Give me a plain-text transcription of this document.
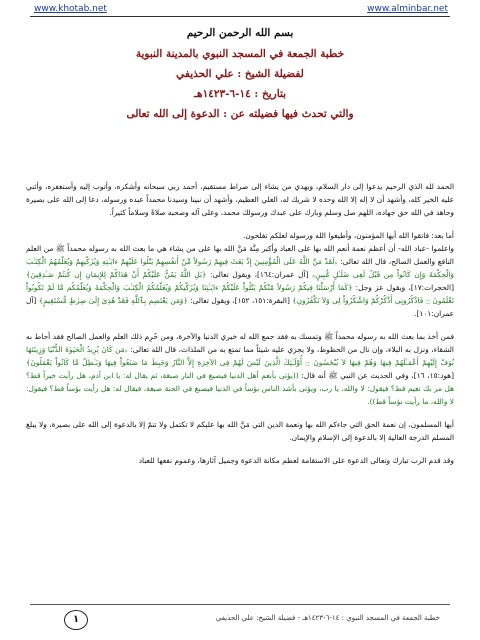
www.khotab.net	www.alminbar.net
بسم الله الرحمن الرحيم
خطبة الجمعة في المسجد النبوي بالمدينة النبوية
لفضيلة الشيخ : علي الحذيفي
بتاريخ : ١٤-٦-١٤٢٣هـ
والتي تحدث فيها فضيلته عن : الدعوة إلى الله تعالى

الحمد لله الذي الرحيم يدعوا إلى دار السلام، ويهدي من يشاء إلى صراط مستقيم، أحمد ربي سبحانه وأشكره، وأتوب إليه وأستغفره، وأثني عليه الخير كله، وأشهد أن لا إله إلا الله وحده لا شريك له، العلي العظيم، وأشهد أن نبينا وسيدنا محمداً عبده ورسوله، دعا إلى الله على بصيرة وجاهد في الله حق جهاده، اللهم صل وسلم وبارك على عبدك ورسولك محمد، وعلى آله وصحبه صلاةً وسلاماً كثيراً.

أما بعد: فاتقوا الله أيها المؤمنون، وأطيعوا الله ورسوله لعلكم تفلحون.
واعلموا -عباد الله- أن أعظم نعمة أنعم الله بها على العباد وأكبر مِنَّة مَنَّ الله بها على من يشاء هي ما بعث الله به رسوله محمداً ﷺ من العلم النافع والعمل الصالح، قال الله تعالى: ﴿لَقَدْ مَنَّ اللَّهُ عَلَى الْمُؤْمِنِينَ إِذْ بَعَثَ فِيهِمْ رَسُولاً مِّنْ أَنفُسِهِمْ يَتْلُوا عَلَيْهِمْ ءايَـٰتِهِ وَيُزَكّيهِمْ وَيُعَلّمُهُمُ الْكِتَـٰبَ وَالْحِكْمَةَ وَإِن كَانُواْ مِن قَبْلُ لَفِى ضَلَـٰلٍ مُّبِينٍ﴾ [آل عمران:١٦٤]، ويقول تعالى: ﴿بَلِ اللَّهُ يَمُنُّ عَلَيْكُمْ أَنْ هَدَاكُمْ لِلإِيمَانِ إِن كُنتُمْ صَـٰدِقِينَ﴾ [الحجرات:١٧]، ويقول عز وجل: ﴿كَمَا أَرْسَلْنَا فِيكُمْ رَسُولاً مّنْكُمْ يَتْلُواْ عَلَيْكُمْ ءايَـٰتِنَا وَيُزَكّيكُمْ وَيُعَلّمُكُمُ الْكِتَـٰبَ وَالْحِكْمَةَ وَيُعَلّمُكُم مَّا لَمْ تَكُونُواْ تَعْلَمُونَ ۝ فَاذْكُرُونِى أَذْكُرْكُمْ وَاشْكُرُواْ لِى وَلاَ تَكْفُرُونِ﴾ [البقرة:١٥١، ١٥٢]، ويقول تعالى: ﴿وَمَن يَعْتَصِم بِٱللَّهِ فَقَدْ هُدِىَ إِلَىٰ صِرٰطٍ مُّسْتَقِيمٍ﴾ [آل عمران:١٠١].

فمن أخذ بما بعث الله به رسوله محمداً ﷺ وتمسك به فقد جمع الله له خيري الدنيا والآخرة، ومن حُرِم ذلك العلم والعمل الصالح فقد أحاط به الشقاء، ونزل به البلاء، وإن نال من الحظوظ، ولا يجزي عليه شيئاً مما تمتع به من الملذات، قال الله تعالى: ﴿مَن كَانَ يُرِيدُ الْحَيَوٰةَ الدُّنْيَا وَزِينَتَهَا نُوَفّ إِلَيْهِمْ أَعْمَـٰلَهُمْ فِيهَا وَهُمْ فِيهَا لاَ يُبْخَسُونَ ۝ أُوْلَـٰئِكَ الَّذِينَ لَيْسَ لَهُمْ فِى الآخِرَةِ إِلاَّ النَّارُ وَحَبِطَ مَا صَنَعُواْ فِيهَا وَبَـٰطِلٌ مَّا كَانُواْ يَعْمَلُونَ﴾ [هود:١٥، ١٦]، وفي الحديث عن النبي ﷺ أنه قال: ((يؤتى بأنعم أهل الدنيا فيصبغ في النار صبغة، ثم يقال له: يا ابن آدم، هل رأيت خيراً قط؟ هل مر بك نعيم قط؟ فيقول: لا والله، يا رب، ويؤتى بأشد الناس بؤساً في الدنيا فيصبغ في الجنة صبغة، فيقال له: هل رأيت بؤساً قط؟ فيقول: لا والله، ما رأيت بؤساً قط)).

أيها المسلمون، إن نعمة الحق التي جاءكم الله بها ونعمة الدين التي مَنَّ الله بها عليكم لا تكتمل ولا تتمّ إلا بالدعوة إلى الله على بصيرة، ولا يبلغ المسلم الدرجة العالية إلا بالدعوة إلى الإسلام والإيمان.

وقد قدم الرب تبارك وتعالى الدعوة على الاستقامة لعظم مكانة الدعوة وجميل آثارها، وعموم نفعها للعباد

١	خطبة الجمعة في المسجد النبوي : ١٤-٦-١٤٢٣هـ - فضيلة الشيخ: علي الحذيفي
